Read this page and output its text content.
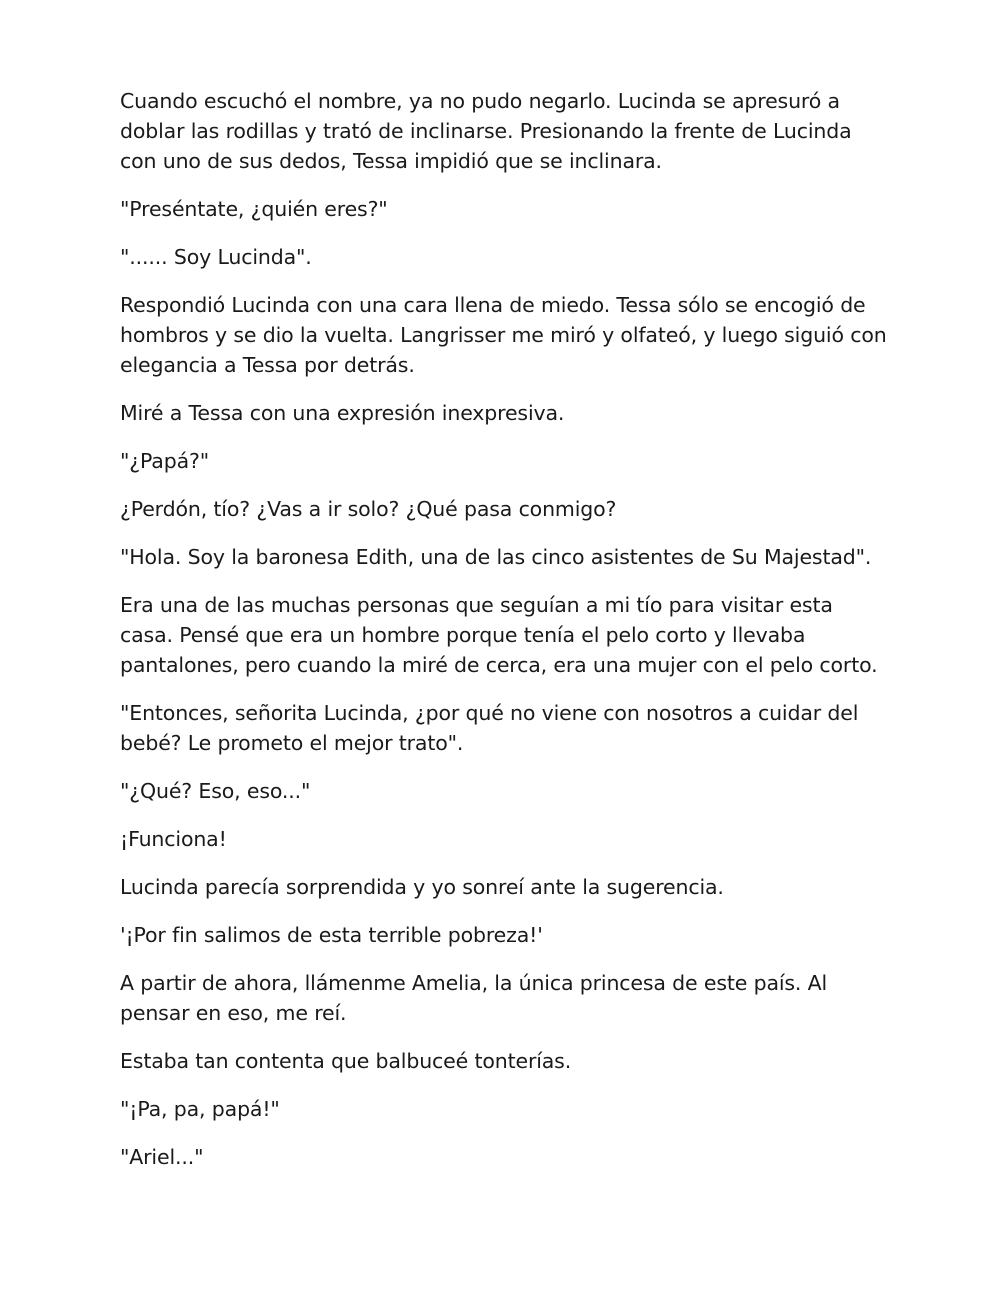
Cuando escuchó el nombre, ya no pudo negarlo. Lucinda se apresuró a doblar las rodillas y trató de inclinarse. Presionando la frente de Lucinda con uno de sus dedos, Tessa impidió que se inclinara.

"Preséntate, ¿quién eres?"

"...... Soy Lucinda".

Respondió Lucinda con una cara llena de miedo. Tessa sólo se encogió de hombros y se dio la vuelta. Langrisser me miró y olfateó, y luego siguió con elegancia a Tessa por detrás.

Miré a Tessa con una expresión inexpresiva.

"¿Papá?"

¿Perdón, tío? ¿Vas a ir solo? ¿Qué pasa conmigo?

"Hola. Soy la baronesa Edith, una de las cinco asistentes de Su Majestad".

Era una de las muchas personas que seguían a mi tío para visitar esta casa. Pensé que era un hombre porque tenía el pelo corto y llevaba pantalones, pero cuando la miré de cerca, era una mujer con el pelo corto.

"Entonces, señorita Lucinda, ¿por qué no viene con nosotros a cuidar del bebé? Le prometo el mejor trato".

"¿Qué? Eso, eso..."

¡Funciona!

Lucinda parecía sorprendida y yo sonreí ante la sugerencia.

'¡Por fin salimos de esta terrible pobreza!'

A partir de ahora, llámenme Amelia, la única princesa de este país. Al pensar en eso, me reí.

Estaba tan contenta que balbuceé tonterías.

"¡Pa, pa, papá!"

"Ariel..."
